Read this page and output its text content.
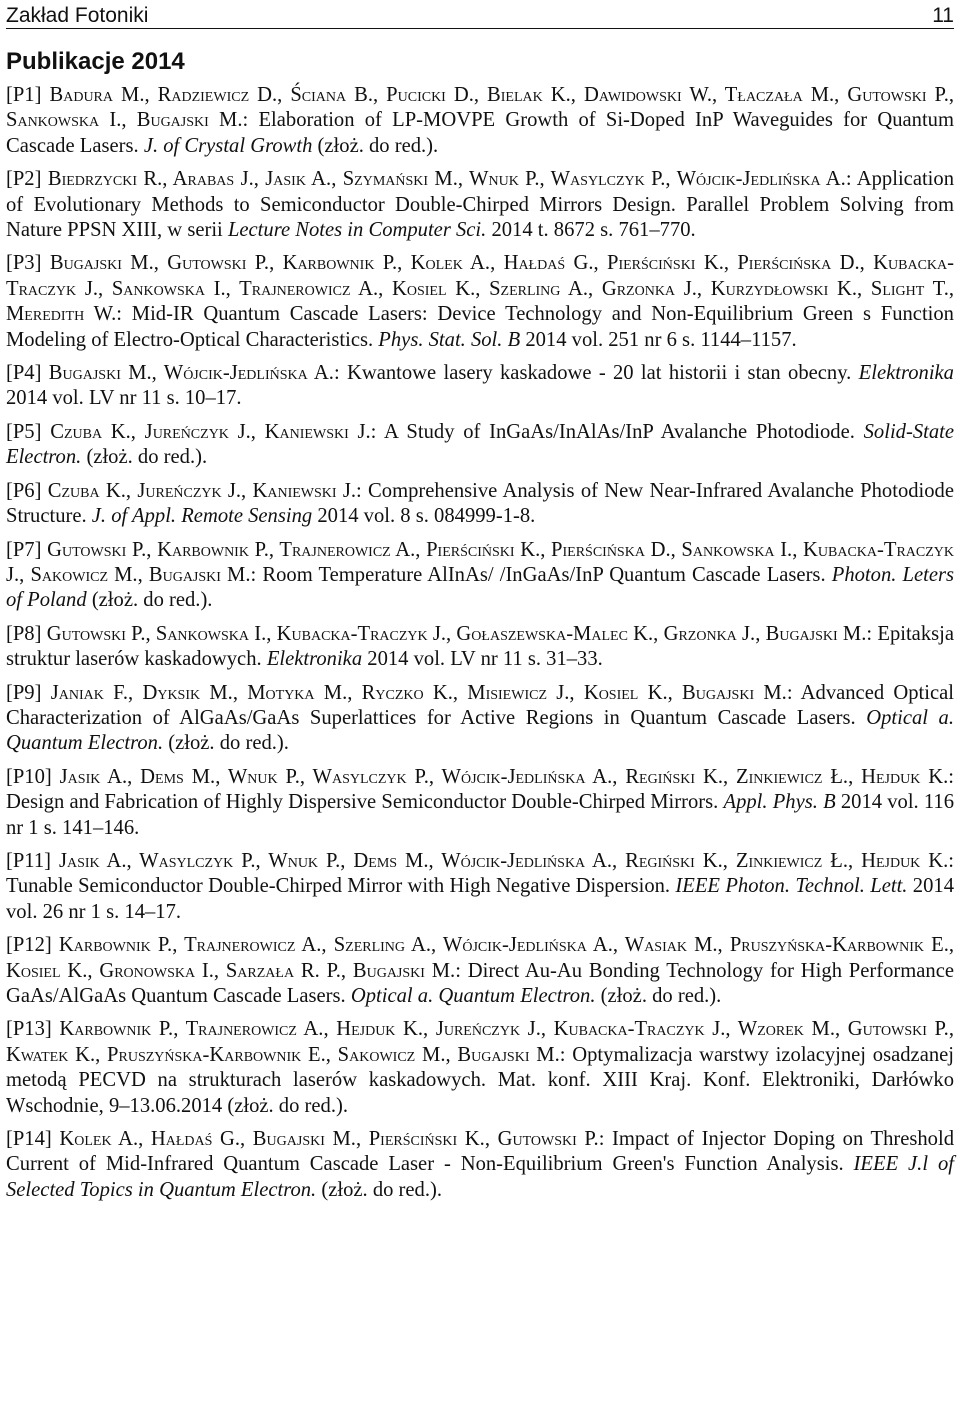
Zakład Fotoniki	11
Publikacje 2014

[P1] Badura M., Radziewicz D., Ściana B., Pucicki D., Bielak K., Dawidowski W., Tłaczała M., Gutowski P., Sankowska I., Bugajski M.: Elaboration of LP-MOVPE Growth of Si-Doped InP Waveguides for Quantum Cascade Lasers. J. of Crystal Growth (złoż. do red.).

[P2] Biedrzycki R., Arabas J., Jasik A., Szymański M., Wnuk P., Wasylczyk P., Wójcik-Jedlińska A.: Application of Evolutionary Methods to Semiconductor Double-Chirped Mirrors Design. Parallel Problem Solving from Nature PPSN XIII, w serii Lecture Notes in Computer Sci. 2014 t. 8672 s. 761–770.

[P3] Bugajski M., Gutowski P., Karbownik P., Kolek A., Hałdaś G., Pierściński K., Pierścińska D., Kubacka-Traczyk J., Sankowska I., Trajnerowicz A., Kosiel K., Szerling A., Grzonka J., Kurzydłowski K., Slight T., Meredith W.: Mid-IR Quantum Cascade Lasers: Device Technology and Non-Equilibrium Green s Function Modeling of Electro-Optical Characteristics. Phys. Stat. Sol. B 2014 vol. 251 nr 6 s. 1144–1157.

[P4] Bugajski M., Wójcik-Jedlińska A.: Kwantowe lasery kaskadowe - 20 lat historii i stan obecny. Elektronika 2014 vol. LV nr 11 s. 10–17.

[P5] Czuba K., Jureńczyk J., Kaniewski J.: A Study of InGaAs/InAlAs/InP Avalanche Photodiode. Solid-State Electron. (złoż. do red.).

[P6] Czuba K., Jureńczyk J., Kaniewski J.: Comprehensive Analysis of New Near-Infrared Avalanche Photodiode Structure. J. of Appl. Remote Sensing 2014 vol. 8 s. 084999-1-8.

[P7] Gutowski P., Karbownik P., Trajnerowicz A., Pierściński K., Pierścińska D., Sankowska I., Kubacka-Traczyk J., Sakowicz M., Bugajski M.: Room Temperature AlInAs/ /InGaAs/InP Quantum Cascade Lasers. Photon. Leters of Poland (złoż. do red.).

[P8] Gutowski P., Sankowska I., Kubacka-Traczyk J., Gołaszewska-Malec K., Grzonka J., Bugajski M.: Epitaksja struktur laserów kaskadowych. Elektronika 2014 vol. LV nr 11 s. 31–33.

[P9] Janiak F., Dyksik M., Motyka M., Ryczko K., Misiewicz J., Kosiel K., Bugajski M.: Advanced Optical Characterization of AlGaAs/GaAs Superlattices for Active Regions in Quantum Cascade Lasers. Optical a. Quantum Electron. (złoż. do red.).

[P10] Jasik A., Dems M., Wnuk P., Wasylczyk P., Wójcik-Jedlińska A., Regiński K., Zinkiewicz Ł., Hejduk K.: Design and Fabrication of Highly Dispersive Semiconductor Double-Chirped Mirrors. Appl. Phys. B 2014 vol. 116 nr 1 s. 141–146.

[P11] Jasik A., Wasylczyk P., Wnuk P., Dems M., Wójcik-Jedlińska A., Regiński K., Zinkiewicz Ł., Hejduk K.: Tunable Semiconductor Double-Chirped Mirror with High Negative Dispersion. IEEE Photon. Technol. Lett. 2014 vol. 26 nr 1 s. 14–17.

[P12] Karbownik P., Trajnerowicz A., Szerling A., Wójcik-Jedlińska A., Wasiak M., Pruszyńska-Karbownik E., Kosiel K., Gronowska I., Sarzała R. P., Bugajski M.: Direct Au-Au Bonding Technology for High Performance GaAs/AlGaAs Quantum Cascade Lasers. Optical a. Quantum Electron. (złoż. do red.).

[P13] Karbownik P., Trajnerowicz A., Hejduk K., Jureńczyk J., Kubacka-Traczyk J., Wzorek M., Gutowski P., Kwatek K., Pruszyńska-Karbownik E., Sakowicz M., Bugajski M.: Optymalizacja warstwy izolacyjnej osadzanej metodą PECVD na strukturach laserów kaskadowych. Mat. konf. XIII Kraj. Konf. Elektroniki, Darłówko Wschodnie, 9–13.06.2014 (złoż. do red.).

[P14] Kolek A., Hałdaś G., Bugajski M., Pierściński K., Gutowski P.: Impact of Injector Doping on Threshold Current of Mid-Infrared Quantum Cascade Laser - Non-Equilibrium Green's Function Analysis. IEEE J.l of Selected Topics in Quantum Electron. (złoż. do red.).
